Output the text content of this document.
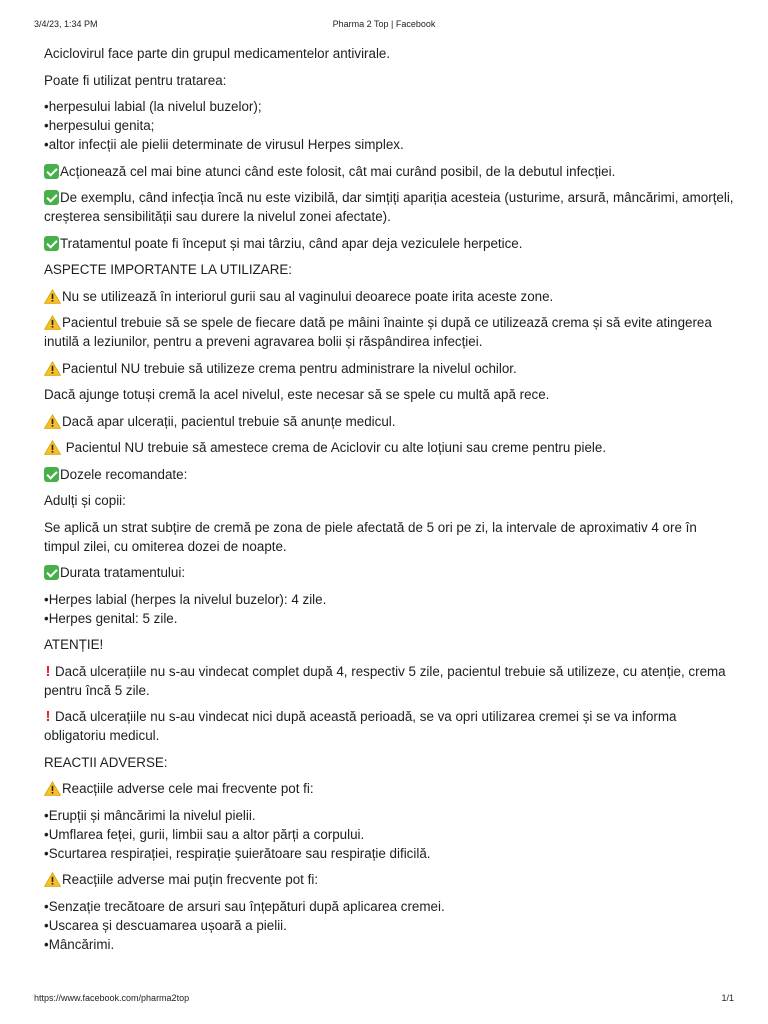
3/4/23, 1:34 PM	Pharma 2 Top | Facebook

Aciclovirul face parte din grupul medicamentelor antivirale.

Poate fi utilizat pentru tratarea:

•herpesului labial (la nivelul buzelor);
•herpesului genita;
•altor infecții ale pielii determinate de virusul Herpes simplex.

Acționează cel mai bine atunci când este folosit, cât mai curând posibil, de la debutul infecției.

De exemplu, când infecția încă nu este vizibilă, dar simțiți apariția acesteia (usturime, arsură, mâncărimi, amorțeli, creșterea sensibilității sau durere la nivelul zonei afectate).

Tratamentul poate fi început și mai târziu, când apar deja veziculele herpetice.

ASPECTE IMPORTANTE LA UTILIZARE:

Nu se utilizează în interiorul gurii sau al vaginului deoarece poate irita aceste zone.

Pacientul trebuie să se spele de fiecare dată pe mâini înainte și după ce utilizează crema și să evite atingerea inutilă a leziunilor, pentru a preveni agravarea bolii și răspândirea infecției.

Pacientul NU trebuie să utilizeze crema pentru administrare la nivelul ochilor.

Dacă ajunge totuși cremă la acel nivelul, este necesar să se spele cu multă apă rece.

Dacă apar ulcerații, pacientul trebuie să anunțe medicul.

Pacientul NU trebuie să amestece crema de Aciclovir cu alte loțiuni sau creme pentru piele.

Dozele recomandate:

Adulți și copii:

Se aplică un strat subțire de cremă pe zona de piele afectată de 5 ori pe zi, la intervale de aproximativ 4 ore în timpul zilei, cu omiterea dozei de noapte.

Durata tratamentului:

•Herpes labial (herpes la nivelul buzelor): 4 zile.
•Herpes genital: 5 zile.

ATENȚIE!

! Dacă ulcerațiile nu s-au vindecat complet după 4, respectiv 5 zile, pacientul trebuie să utilizeze, cu atenție, crema pentru încă 5 zile.

! Dacă ulcerațiile nu s-au vindecat nici după această perioadă, se va opri utilizarea cremei și se va informa obligatoriu medicul.

REACTII ADVERSE:

Reacțiile adverse cele mai frecvente pot fi:

•Erupții și mâncărimi la nivelul pielii.
•Umflarea feței, gurii, limbii sau a altor părți a corpului.
•Scurtarea respirației, respirație șuierătoare sau respirație dificilă.

Reacțiile adverse mai puțin frecvente pot fi:

•Senzație trecătoare de arsuri sau înțepături după aplicarea cremei.
•Uscarea și descuamarea ușoară a pielii.
•Mâncărimi.
https://www.facebook.com/pharma2top	1/1
